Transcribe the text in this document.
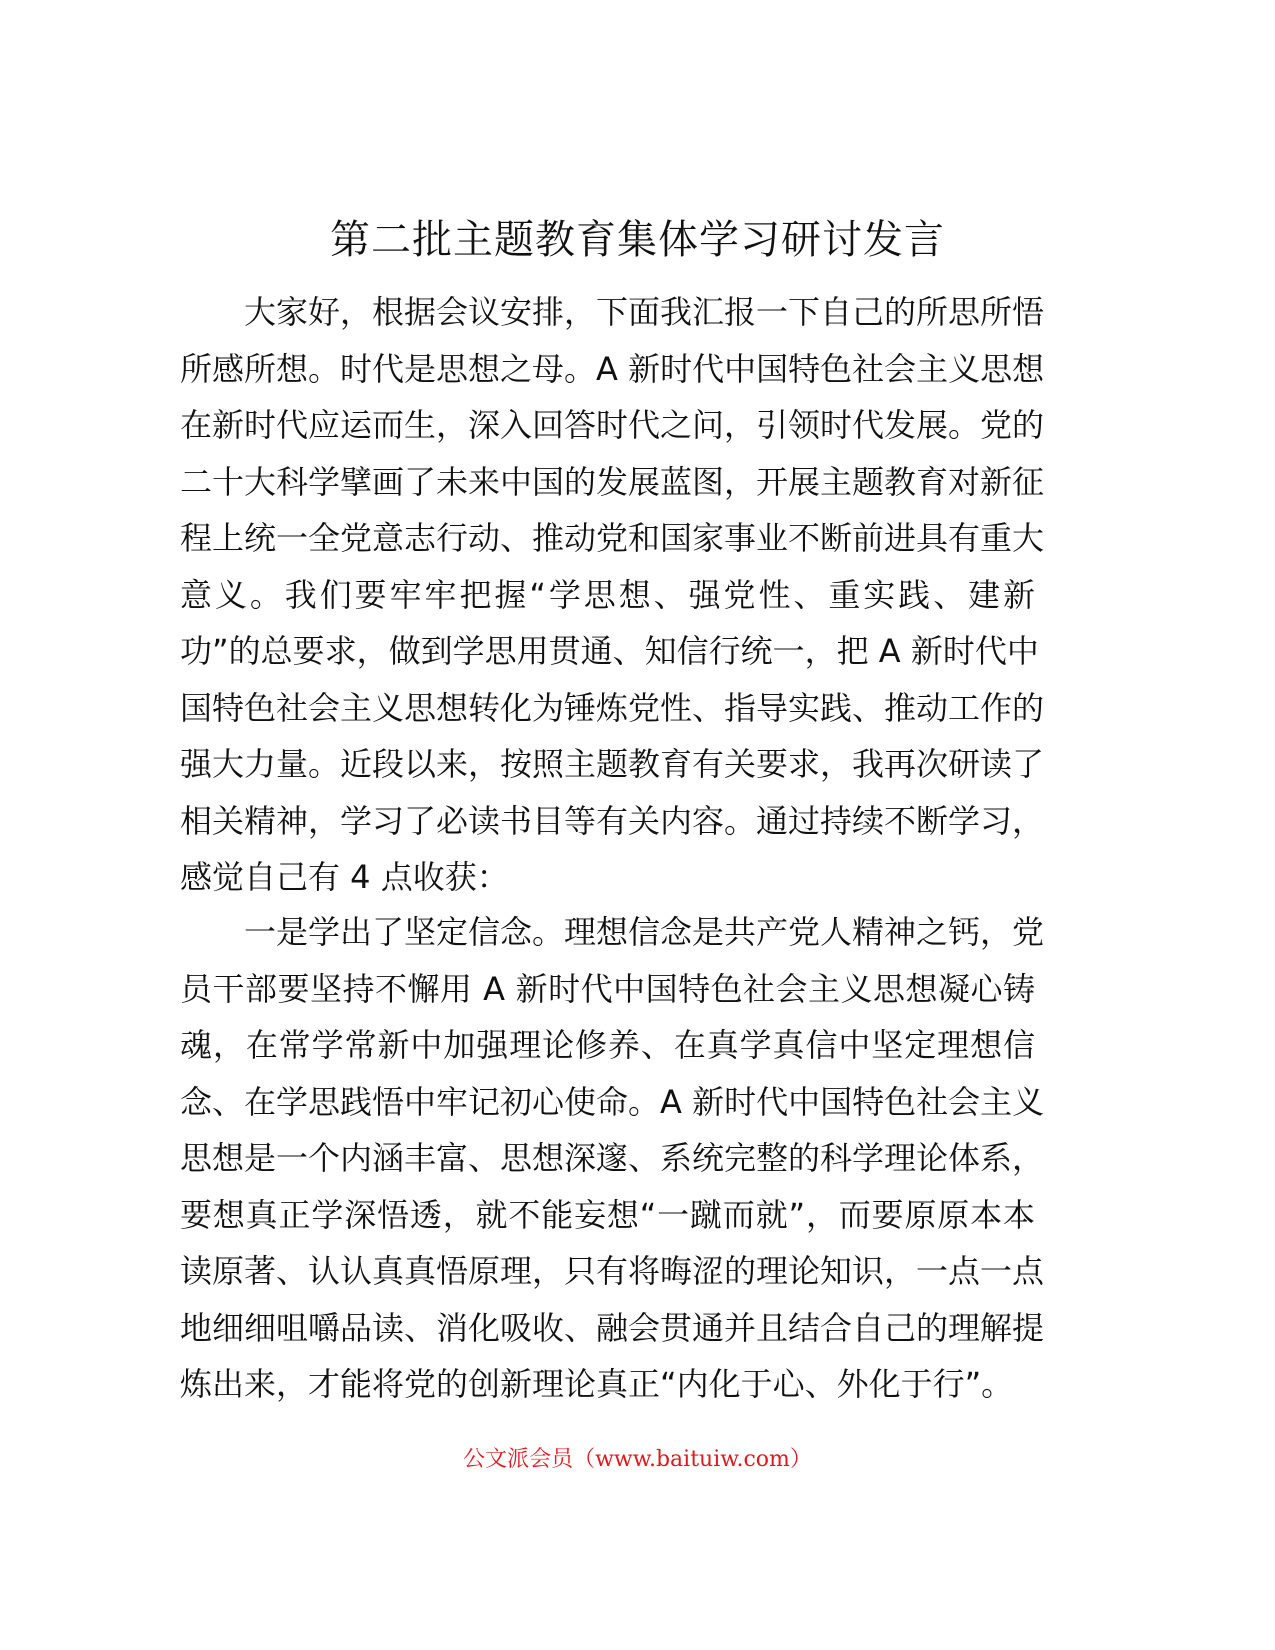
第二批主题教育集体学习研讨发言
大家好，根据会议安排，下面我汇报一下自己的所思所悟
所感所想。时代是思想之母。A 新时代中国特色社会主义思想
在新时代应运而生，深入回答时代之问，引领时代发展。党的
二十大科学擘画了未来中国的发展蓝图，开展主题教育对新征
程上统一全党意志行动、推动党和国家事业不断前进具有重大
意义。我们要牢牢把握“学思想、强党性、重实践、建新
功”的总要求，做到学思用贯通、知信行统一，把 A 新时代中
国特色社会主义思想转化为锤炼党性、指导实践、推动工作的
强大力量。近段以来，按照主题教育有关要求，我再次研读了
相关精神，学习了必读书目等有关内容。通过持续不断学习，
感觉自己有 4 点收获：
一是学出了坚定信念。理想信念是共产党人精神之钙，党
员干部要坚持不懈用 A 新时代中国特色社会主义思想凝心铸
魂，在常学常新中加强理论修养、在真学真信中坚定理想信
念、在学思践悟中牢记初心使命。A 新时代中国特色社会主义
思想是一个内涵丰富、思想深邃、系统完整的科学理论体系，
要想真正学深悟透，就不能妄想“一蹴而就”，而要原原本本
读原著、认认真真悟原理，只有将晦涩的理论知识，一点一点
地细细咀嚼品读、消化吸收、融会贯通并且结合自己的理解提
炼出来，才能将党的创新理论真正“内化于心、外化于行”。
公文派会员（www.baituiw.com）
